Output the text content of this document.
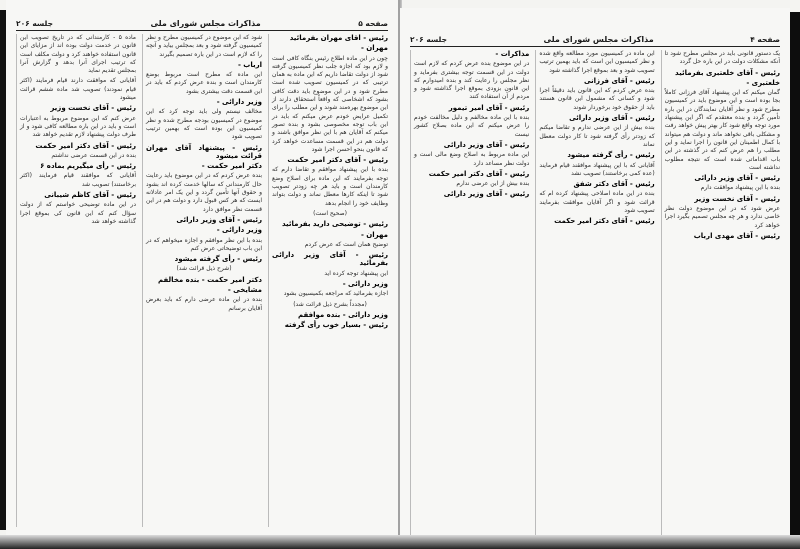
صفحه ۵
مذاکرات مجلس شورای ملی
جلسه ۲۰۶

رئیس - آقای مهران بفرمائید

مهران -

چون در این ماده اطلاع رئیس بنگاه کافی است و لازم بود که اجازه جلب نظر کمیسیون گرفته شود از دولت تقاضا داریم که این ماده به همان ترتیبی که در کمیسیون تصویب شده است مطرح شود و در این موضوع باید دقت کافی بشود که اشخاصی که واقعاً استحقاق دارند از این موضوع بهره‌مند شوند و این مطلب را برای تکمیل عرایض خودم عرض میکنم که باید در این باب توجه مخصوصی بشود و بنده تصور میکنم که آقایان هم با این نظر موافق باشند و دولت هم در این قسمت مساعدت خواهد کرد که قانون بنحو احسن اجرا شود

رئیس - آقای دکتر امیر حکمت

بنده با این پیشنهاد موافقم و تقاضا دارم که توجه بفرمایند که این ماده برای اصلاح وضع کارمندان است و باید هر چه زودتر تصویب شود تا اینکه کارها معطل نماند و دولت بتواند وظایف خود را انجام بدهد

(صحیح است)

رئیس - توضیحی دارید بفرمائید

مهران -

توضیح همان است که عرض کردم

رئیس - آقای وزیر دارائی بفرمائید

این پیشنهاد توجه کرده اید

وزیر دارائی -

اجازه بفرمائید که مراجعه بکمیسیون بشود

(مجدداً بشرح ذیل قرائت شد)

وزیر دارائی - بنده موافقم

رئیس - بسیار خوب رأی گرفته

شود که این موضوع در کمیسیون مطرح و نظر کمیسیون گرفته شود و بعد بمجلس بیاید و آنچه را که لازم است در این باره تصمیم بگیرند

ارباب -

این ماده که مطرح است مربوط بوضع کارمندان است و بنده عرض کردم که باید در این قسمت دقت بیشتری بشود

وزیر دارائی -

مخالف نیستم ولی باید توجه کرد که این موضوع در کمیسیون بودجه مطرح شده و نظر کمیسیون این بوده است که بهمین ترتیب تصویب شود

رئیس - پیشنهاد آقای مهران قرائت میشود

دکتر امیر حکمت -

بنده عرض کردم که در این موضوع باید رعایت حال کارمندانی که سالها خدمت کرده اند بشود و حقوق آنها تأمین گردد و این یک امر عادلانه ایست که هر کس قبول دارد و دولت هم در این قسمت نظر موافق دارد

رئیس - آقای وزیر دارائی

وزیر دارائی -

بنده با این نظر موافقم و اجازه میخواهم که در این باب توضیحاتی عرض کنم

رئیس - رأی گرفته میشود

(شرح ذیل قرائت شد)

دکتر امیر حکمت - بنده مخالفم

مشایخی -

بنده در این ماده عرضی دارم که باید بعرض آقایان برسانم

ماده ۵ - کارمندانی که در تاریخ تصویب این قانون در خدمت دولت بوده اند از مزایای این قانون استفاده خواهند کرد و دولت مکلف است که ترتیب اجرای آنرا بدهد و گزارش آنرا بمجلس تقدیم نماید

آقایانی که موافقت دارند قیام فرمایند (اکثر قیام نمودند) تصویب شد ماده ششم قرائت میشود

رئیس - آقای نخست وزیر

عرض کنم که این موضوع مربوط به اعتبارات است و باید در این باره مطالعه کافی شود و از طرف دولت پیشنهاد لازم تقدیم خواهد شد

رئیس - آقای دکتر امیر حکمت

بنده در این قسمت عرضی نداشتم

رئیس - رأی میگیریم بماده ۶

آقایانی که موافقند قیام فرمایند (اکثر برخاستند) تصویب شد

رئیس - آقای کاظم شیبانی

در این ماده توضیحی خواستم که از دولت سؤال کنم که این قانون کی بموقع اجرا گذاشته خواهد شد

صفحه ۴
مذاکرات مجلس شورای ملی
جلسه ۲۰۶

یک دستور قانونی باید در مجلس مطرح شود تا آنکه مشکلات دولت در این باره حل گردد

رئیس - آقای خلعتبری بفرمائید

خلعتبری -

گمان میکنم که این پیشنهاد آقای فرزانی کاملاً بجا بوده است و این موضوع باید در کمیسیون مطرح شود و نظر آقایان نمایندگان در این باره تأمین گردد و بنده معتقدم که اگر این پیشنهاد مورد توجه واقع شود کار بهتر پیش خواهد رفت و مشکلی باقی نخواهد ماند و دولت هم میتواند با کمال اطمینان این قانون را اجرا نماید و این مطلب را هم عرض کنم که در گذشته در این باب اقداماتی شده است که نتیجه مطلوب نداشته است

رئیس - آقای وزیر دارائی

بنده با این پیشنهاد موافقت دارم

رئیس - آقای نخست وزیر

عرض شود که در این موضوع دولت نظر خاصی ندارد و هر چه مجلس تصمیم بگیرد اجرا خواهد کرد

رئیس - آقای مهدی ارباب

این ماده در کمیسیون مورد مطالعه واقع شده و نظر کمیسیون این است که باید بهمین ترتیب تصویب شود و بعد بموقع اجرا گذاشته شود

رئیس - آقای فرزانی

بنده عرض کردم که این قانون باید دقیقاً اجرا شود و کسانی که مشمول این قانون هستند باید از حقوق خود برخوردار شوند

رئیس - آقای وزیر دارائی

بنده بیش از این عرضی ندارم و تقاضا میکنم که زودتر رأی گرفته شود تا کار دولت معطل نماند

رئیس - رأی گرفته میشود

آقایانی که با این پیشنهاد موافقند قیام فرمایند (عده کمی برخاستند) تصویب نشد

رئیس - آقای دکتر شفق

بنده در این ماده اصلاحی پیشنهاد کرده ام که قرائت شود و اگر آقایان موافقت بفرمایند تصویب شود

رئیس - آقای دکتر امیر حکمت

مذاکرات -

در این موضوع بنده عرض کردم که لازم است دولت در این قسمت توجه بیشتری بفرماید و نظر مجلس را رعایت کند و بنده امیدوارم که این قانون بزودی بموقع اجرا گذاشته شود و مردم از آن استفاده کنند

رئیس - آقای امیر تیمور

بنده با این ماده مخالفم و دلیل مخالفت خودم را عرض میکنم که این ماده بصلاح کشور نیست

رئیس - آقای وزیر دارائی

این ماده مربوط به اصلاح وضع مالی است و دولت نظر مساعد دارد

رئیس - آقای دکتر امیر حکمت

بنده بیش از این عرضی ندارم

رئیس - آقای وزیر دارائی
